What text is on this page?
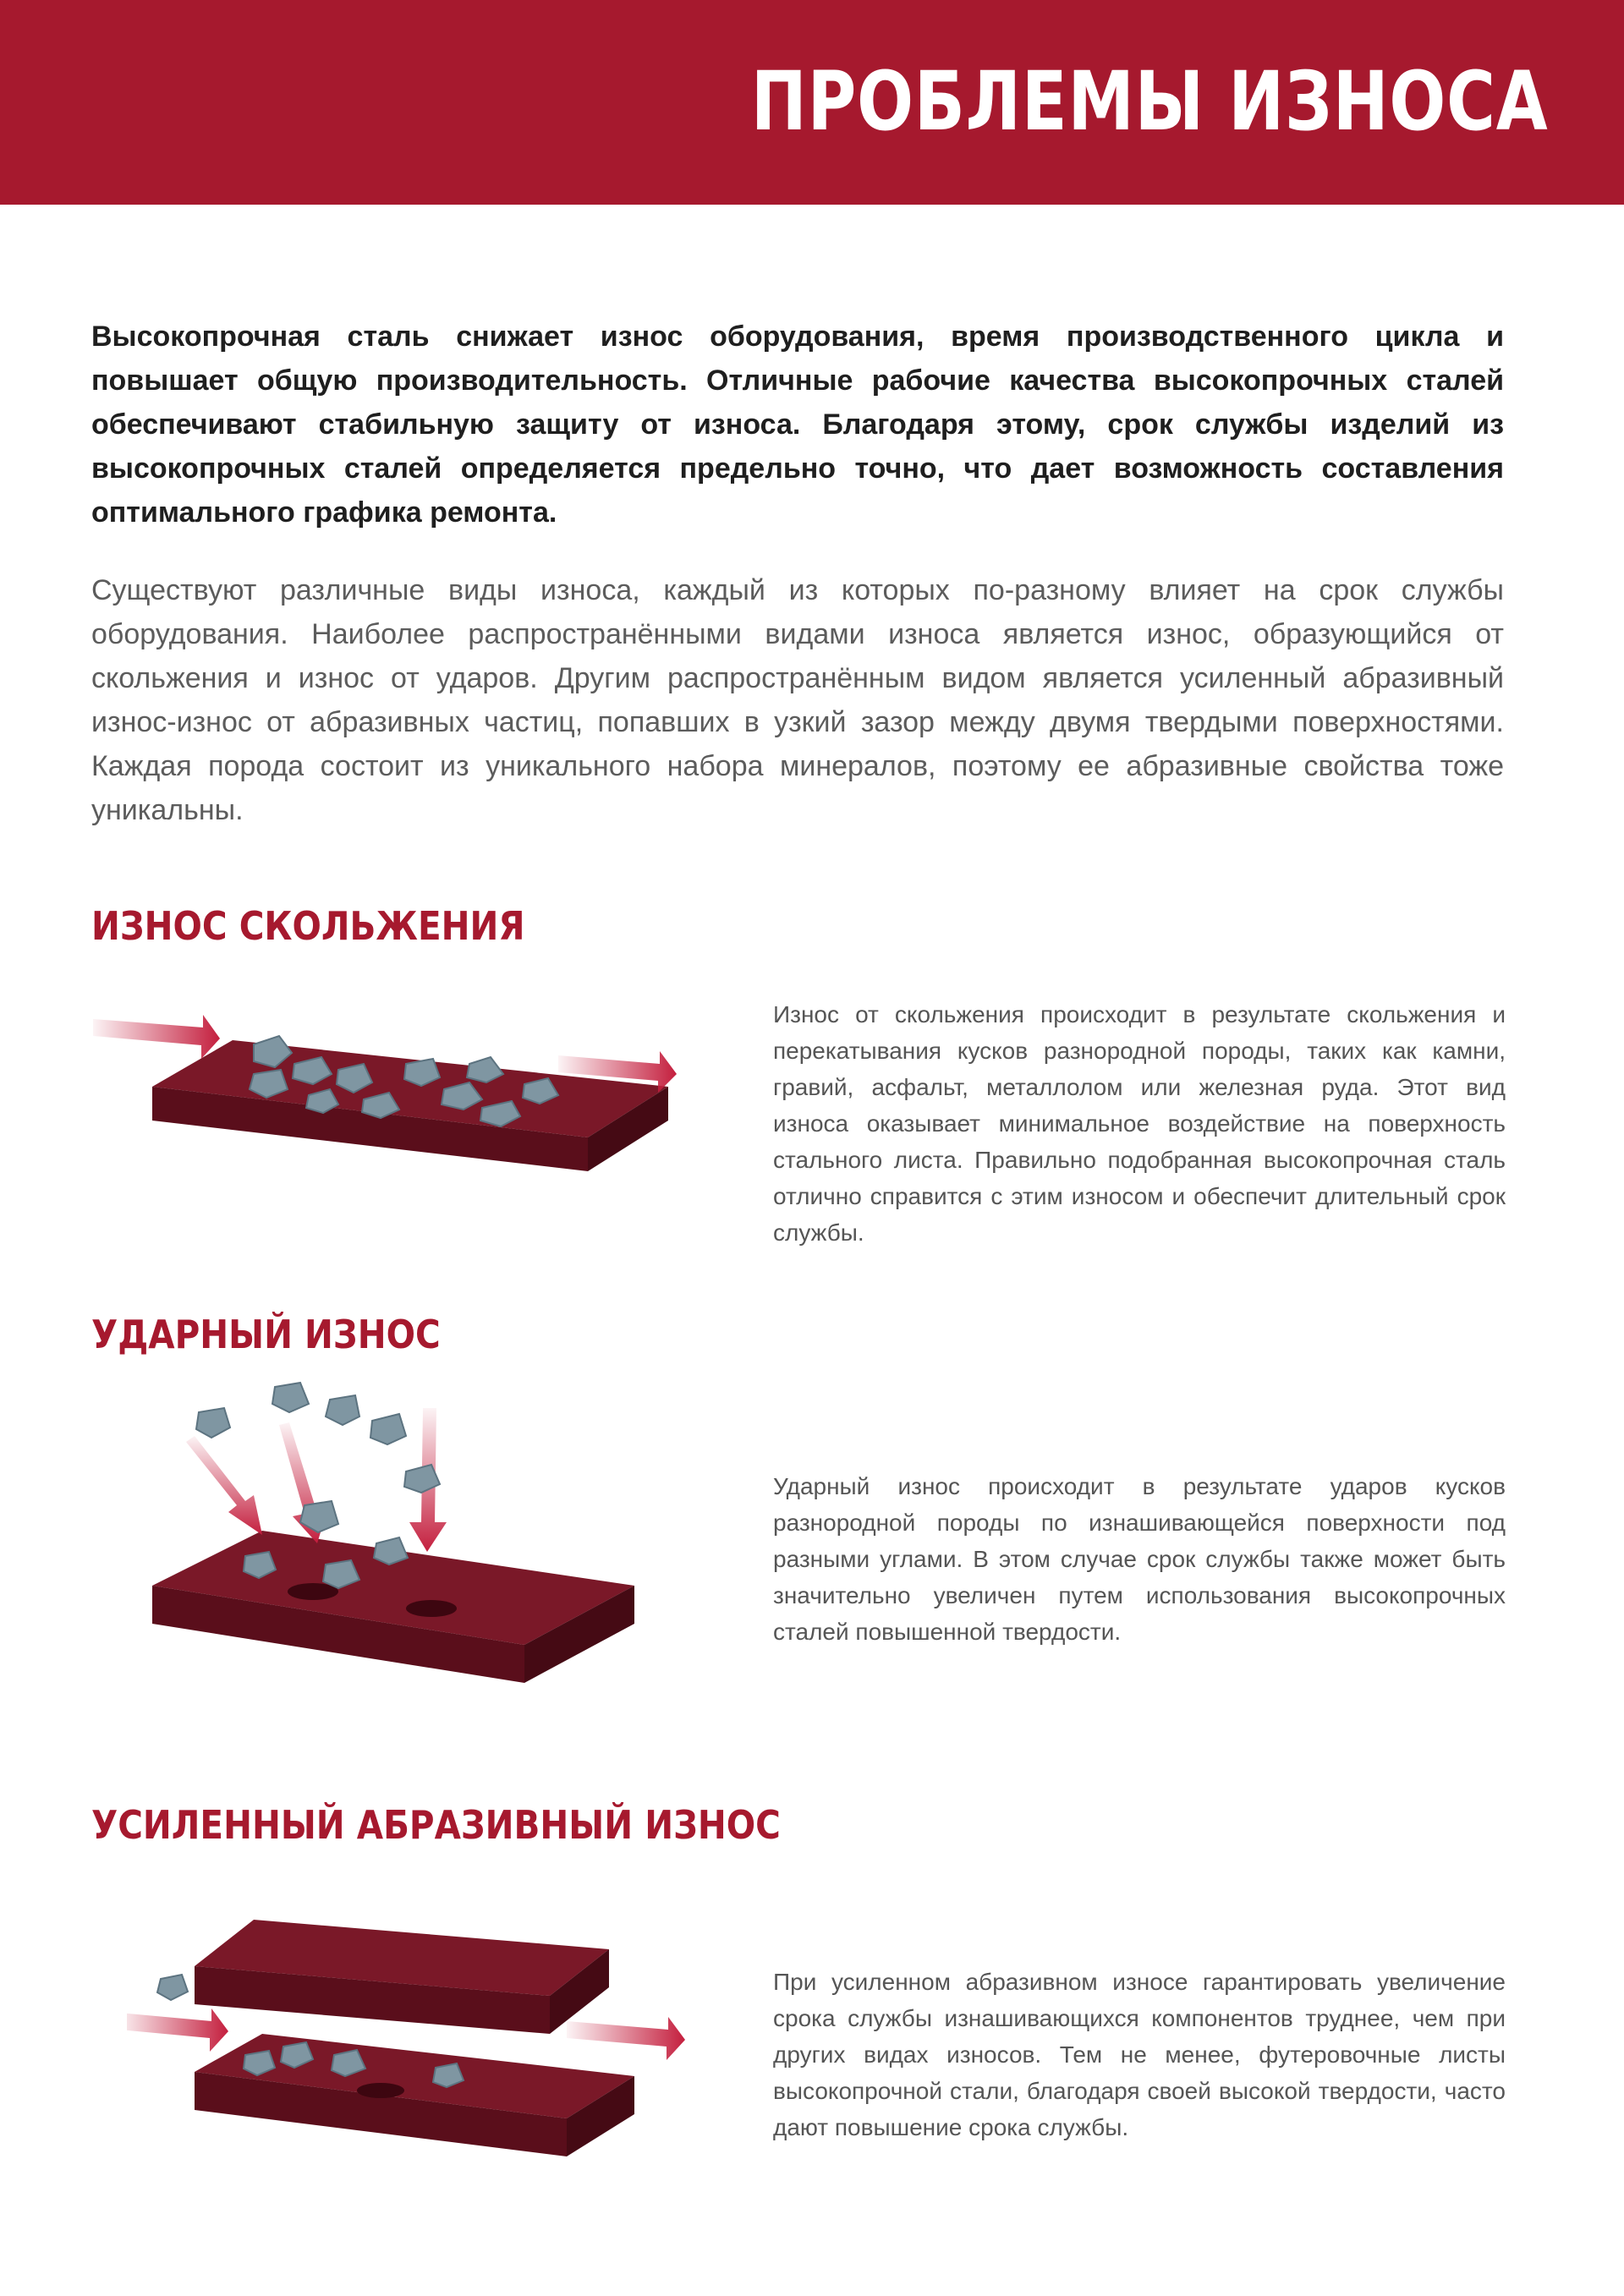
ПРОБЛЕМЫ ИЗНОСА

Высокопрочная сталь снижает износ оборудования, время производственного цикла и повышает общую производительность. Отличные рабочие качества высокопрочных сталей обеспечивают стабильную защиту от износа. Благодаря этому, срок службы изделий из высокопрочных сталей определяется предельно точно, что дает возможность составления оптимального графика ремонта.

Существуют различные виды износа, каждый из которых по-разному влияет на срок службы оборудования. Наиболее распространёнными видами износа является износ, образующийся от скольжения и износ от ударов. Другим распространённым видом является усиленный абразивный износ-износ от абразивных частиц, попавших в узкий зазор между двумя твердыми поверхностями. Каждая порода состоит из уникального набора минералов, поэтому ее абразивные свойства тоже уникальны.

ИЗНОС СКОЛЬЖЕНИЯ

Износ от скольжения происходит в результате скольжения и перекатывания кусков разнородной породы, таких как камни, гравий, асфальт, металлолом или железная руда. Этот вид износа оказывает минимальное воздействие на поверхность стального листа. Правильно подобранная высокопрочная сталь отлично справится с этим износом и обеспечит длительный срок службы.

УДАРНЫЙ ИЗНОС

Ударный износ происходит в результате ударов кусков разнородной породы по изнашивающейся поверхности под разными углами. В этом случае срок службы также может быть значительно увеличен путем использования высокопрочных сталей повышенной твердости.

УСИЛЕННЫЙ АБРАЗИВНЫЙ ИЗНОС

При усиленном абразивном износе гарантировать увеличение срока службы изнашивающихся компонентов труднее, чем при других видах износов. Тем не менее, футеровочные листы высокопрочной стали, благодаря своей высокой твердости, часто дают повышение срока службы.
